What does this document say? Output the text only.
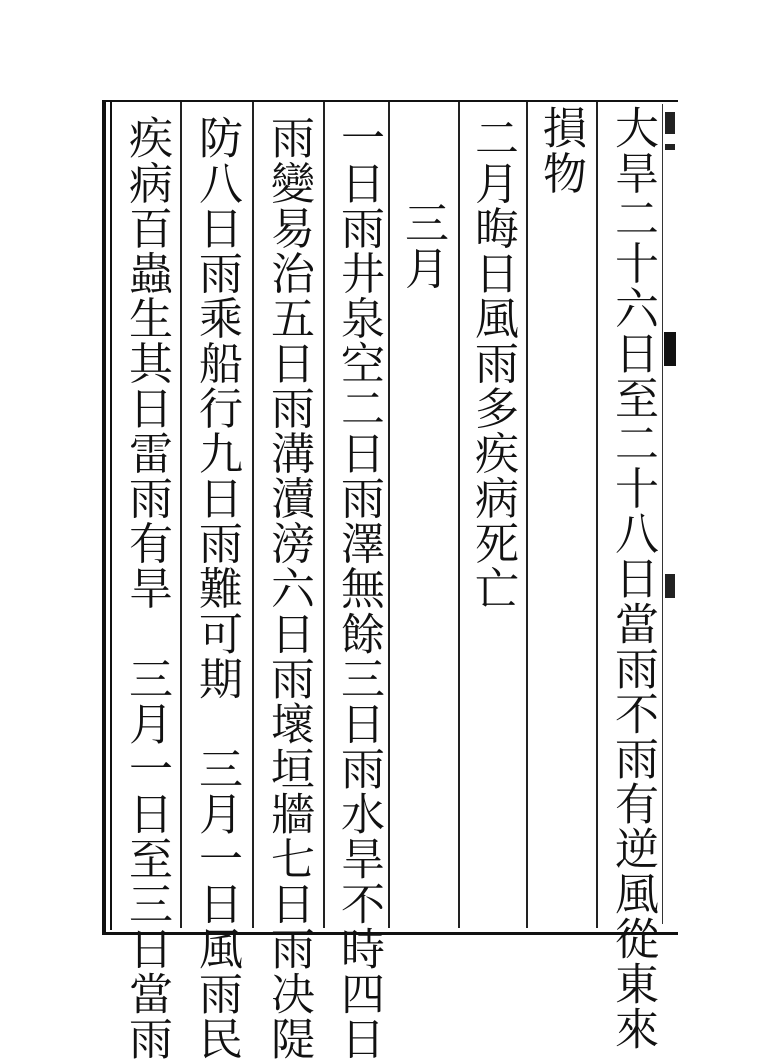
大旱二十六日至二十八日當雨不雨有逆風從東來
損物
二月晦日風雨多疾病死亡
三月
一日雨井泉空二日雨澤無餘三日雨水旱不時四日
雨變易治五日雨溝瀆滂六日雨壞垣牆七日雨决隄
防八日雨乘船行九日雨難可期　三月一日風雨民
疾病百蟲生其日雷雨有旱　三月一日至三日當雨
